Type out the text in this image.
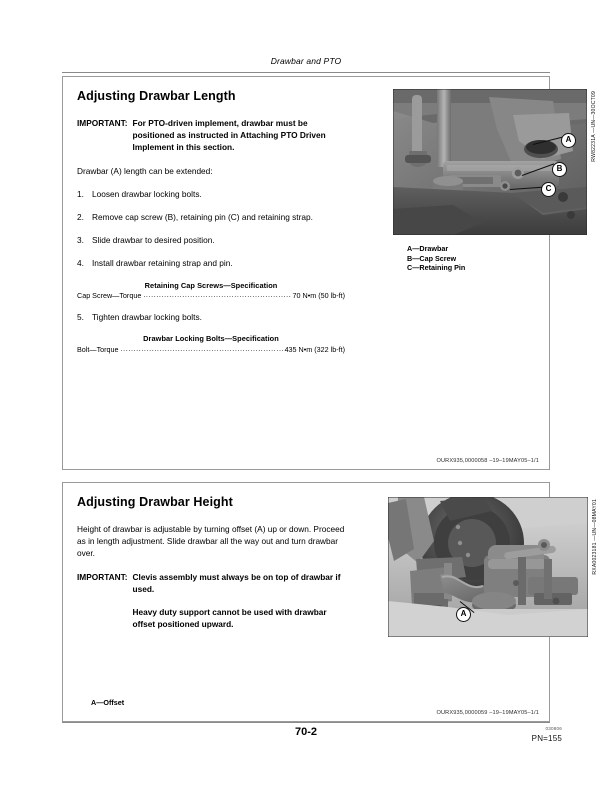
Drawbar and PTO
Adjusting Drawbar Length
IMPORTANT: For PTO-driven implement, drawbar must be positioned as instructed in Attaching PTO Driven Implement in this section.

Drawbar (A) length can be extended:

1. Loosen drawbar locking bolts.
2. Remove cap screw (B), retaining pin (C) and retaining strap.
3. Slide drawbar to desired position.
4. Install drawbar retaining strap and pin.
Retaining Cap Screws—Specification
Cap Screw—Torque .....	70 N•m (50 lb-ft)
5. Tighten drawbar locking bolts.
Drawbar Locking Bolts—Specification
Bolt—Torque .....	435 N•m (322 lb-ft)
A
B
C
A—Drawbar
B—Cap Screw
C—Retaining Pin
RW82231A —UN—30OCT09
OURX935,0000058 –19–19MAY05–1/1
Adjusting Drawbar Height

Height of drawbar is adjustable by turning offset (A) up or down. Proceed as in length adjustment. Slide drawbar all the way out and turn drawbar over.

IMPORTANT: Clevis assembly must always be on top of drawbar if used.

Heavy duty support cannot be used with drawbar offset positioned upward.

A
A—Offset
RXA0023181 —UN—08MAY01
OURX935,0000059 –19–19MAY05–1/1
70-2	030806
PN=155
